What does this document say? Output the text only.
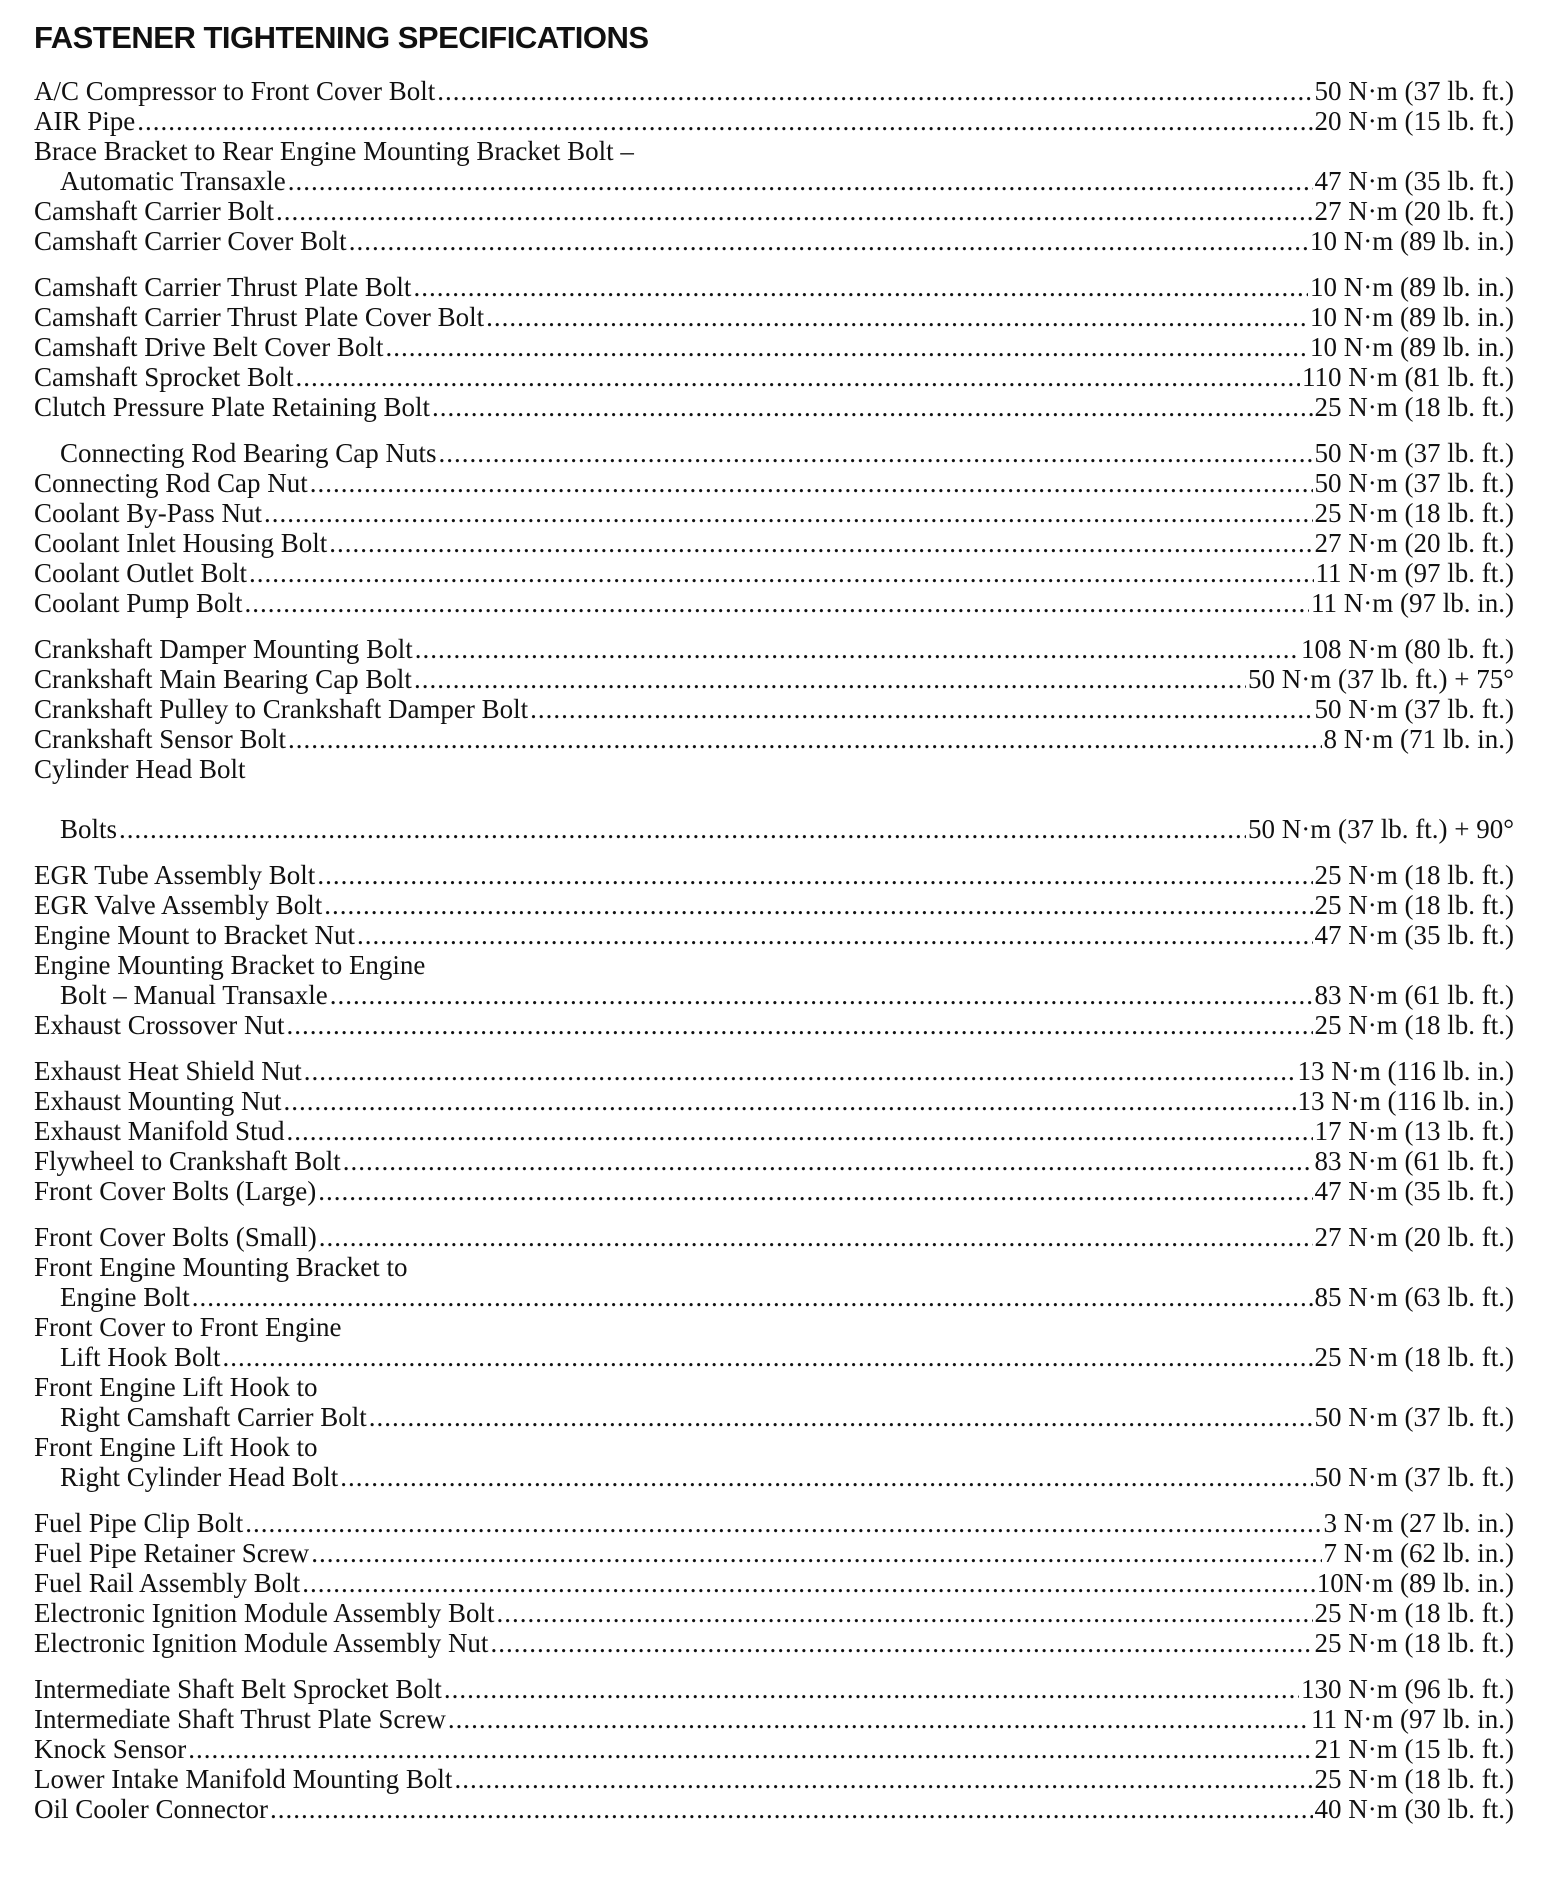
FASTENER TIGHTENING SPECIFICATIONS
A/C Compressor to Front Cover Bolt .....	50 N·m (37 lb. ft.)
AIR Pipe .....	20 N·m (15 lb. ft.)
Brace Bracket to Rear Engine Mounting Bracket Bolt –
Automatic Transaxle .....	47 N·m (35 lb. ft.)
Camshaft Carrier Bolt .....	27 N·m (20 lb. ft.)
Camshaft Carrier Cover Bolt .....	10 N·m (89 lb. in.)
Camshaft Carrier Thrust Plate Bolt .....	10 N·m (89 lb. in.)
Camshaft Carrier Thrust Plate Cover Bolt .....	10 N·m (89 lb. in.)
Camshaft Drive Belt Cover Bolt .....	10 N·m (89 lb. in.)
Camshaft Sprocket Bolt .....	110 N·m (81 lb. ft.)
Clutch Pressure Plate Retaining Bolt .....	25 N·m (18 lb. ft.)
Connecting Rod Bearing Cap Nuts .....	50 N·m (37 lb. ft.)
Connecting Rod Cap Nut .....	50 N·m (37 lb. ft.)
Coolant By-Pass Nut .....	25 N·m (18 lb. ft.)
Coolant Inlet Housing Bolt .....	27 N·m (20 lb. ft.)
Coolant Outlet Bolt .....	11 N·m (97 lb. ft.)
Coolant Pump Bolt .....	11 N·m (97 lb. in.)
Crankshaft Damper Mounting Bolt .....	108 N·m (80 lb. ft.)
Crankshaft Main Bearing Cap Bolt .....	50 N·m (37 lb. ft.) + 75°
Crankshaft Pulley to Crankshaft Damper Bolt .....	50 N·m (37 lb. ft.)
Crankshaft Sensor Bolt .....	8 N·m (71 lb. in.)
Cylinder Head Bolt
Bolts .....	50 N·m (37 lb. ft.) + 90°
EGR Tube Assembly Bolt .....	25 N·m (18 lb. ft.)
EGR Valve Assembly Bolt .....	25 N·m (18 lb. ft.)
Engine Mount to Bracket Nut .....	47 N·m (35 lb. ft.)
Engine Mounting Bracket to Engine
Bolt – Manual Transaxle .....	83 N·m (61 lb. ft.)
Exhaust Crossover Nut .....	25 N·m (18 lb. ft.)
Exhaust Heat Shield Nut .....	13 N·m (116 lb. in.)
Exhaust Mounting Nut .....	13 N·m (116 lb. in.)
Exhaust Manifold Stud .....	17 N·m (13 lb. ft.)
Flywheel to Crankshaft Bolt .....	83 N·m (61 lb. ft.)
Front Cover Bolts (Large) .....	47 N·m (35 lb. ft.)
Front Cover Bolts (Small) .....	27 N·m (20 lb. ft.)
Front Engine Mounting Bracket to
Engine Bolt .....	85 N·m (63 lb. ft.)
Front Cover to Front Engine
Lift Hook Bolt .....	25 N·m (18 lb. ft.)
Front Engine Lift Hook to
Right Camshaft Carrier Bolt .....	50 N·m (37 lb. ft.)
Front Engine Lift Hook to
Right Cylinder Head Bolt .....	50 N·m (37 lb. ft.)
Fuel Pipe Clip Bolt .....	3 N·m (27 lb. in.)
Fuel Pipe Retainer Screw .....	7 N·m (62 lb. in.)
Fuel Rail Assembly Bolt .....	10N·m (89 lb. in.)
Electronic Ignition Module Assembly Bolt .....	25 N·m (18 lb. ft.)
Electronic Ignition Module Assembly Nut .....	25 N·m (18 lb. ft.)
Intermediate Shaft Belt Sprocket Bolt .....	130 N·m (96 lb. ft.)
Intermediate Shaft Thrust Plate Screw .....	11 N·m (97 lb. in.)
Knock Sensor .....	21 N·m (15 lb. ft.)
Lower Intake Manifold Mounting Bolt .....	25 N·m (18 lb. ft.)
Oil Cooler Connector .....	40 N·m (30 lb. ft.)
